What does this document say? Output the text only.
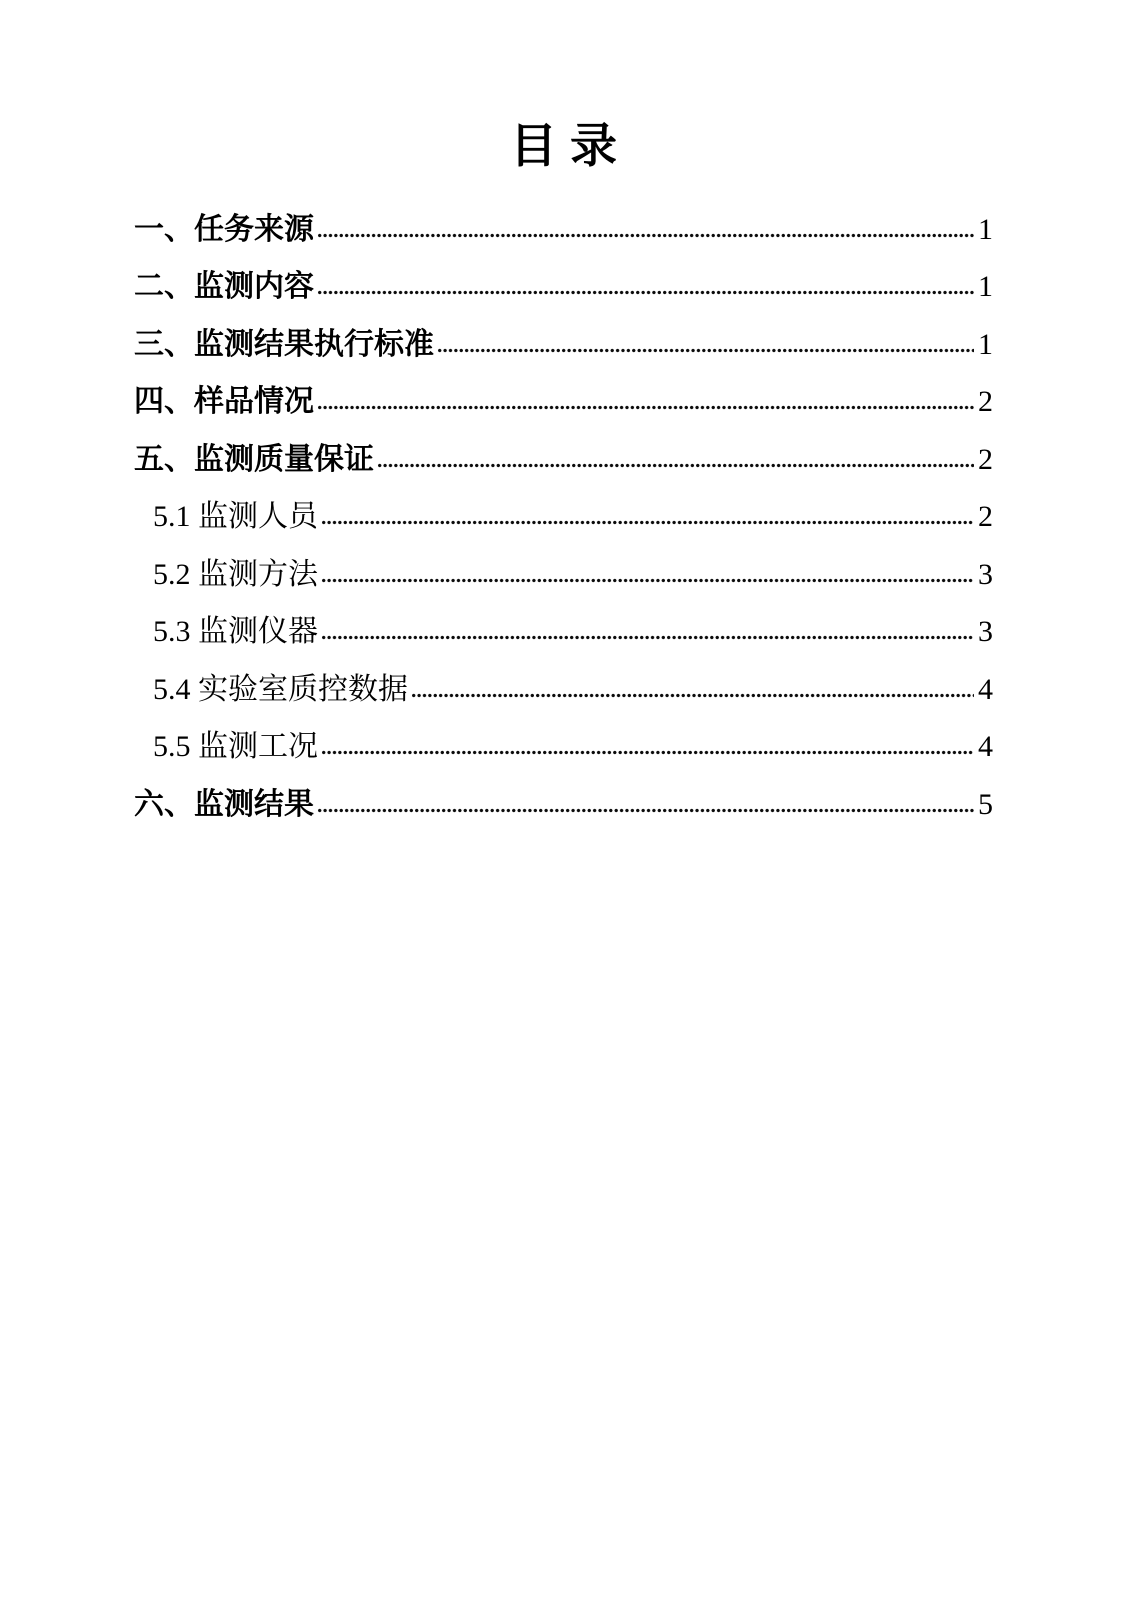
目录
一、任务来源	1
二、监测内容	1
三、监测结果执行标准	1
四、样品情况	2
五、监测质量保证	2
5.1 监测人员	2
5.2 监测方法	3
5.3 监测仪器	3
5.4 实验室质控数据	4
5.5 监测工况	4
六、监测结果	5
